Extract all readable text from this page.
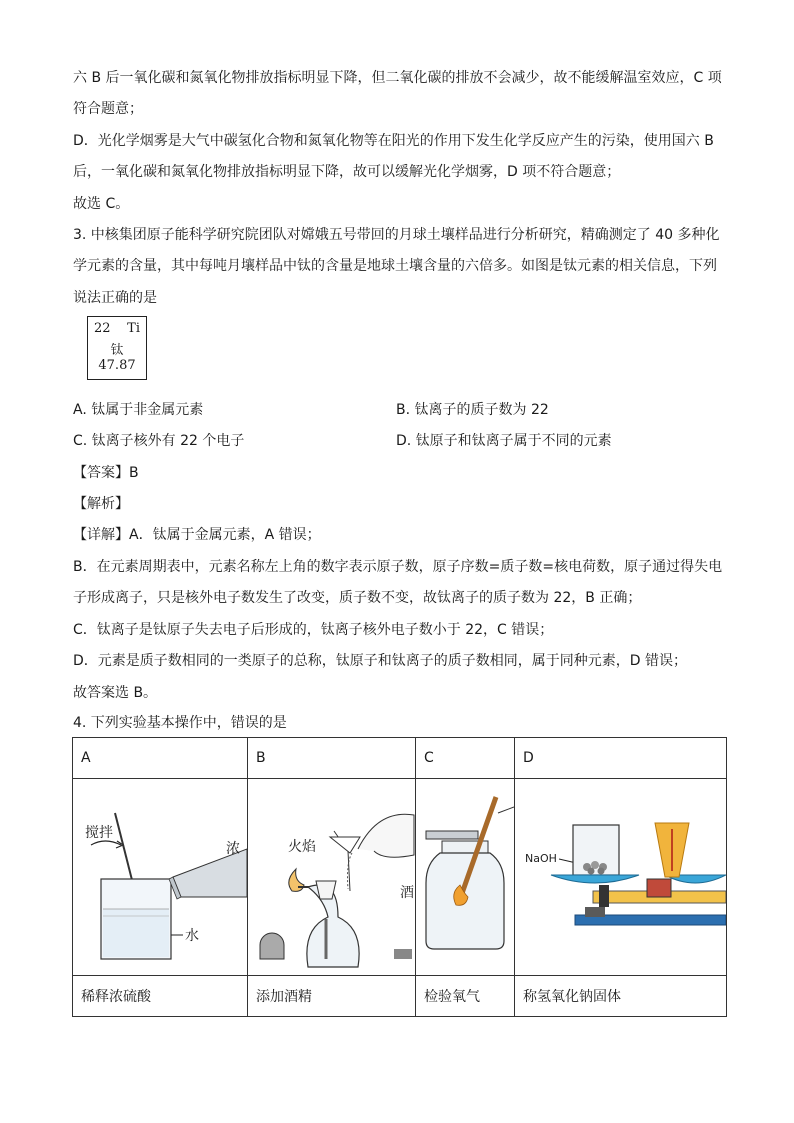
六 B 后一氧化碳和氮氧化物排放指标明显下降，但二氧化碳的排放不会减少，故不能缓解温室效应，C 项
符合题意；
D．光化学烟雾是大气中碳氢化合物和氮氧化物等在阳光的作用下发生化学反应产生的污染，使用国六 B
后，一氧化碳和氮氧化物排放指标明显下降，故可以缓解光化学烟雾，D 项不符合题意；
故选 C。
3. 中核集团原子能科学研究院团队对嫦娥五号带回的月球土壤样品进行分析研究，精确测定了 40 多种化
学元素的含量，其中每吨月壤样品中钛的含量是地球土壤含量的六倍多。如图是钛元素的相关信息，下列
说法正确的是
22 Ti
钛
47.87
A. 钛属于非金属元素	B. 钛离子的质子数为 22
C. 钛离子核外有 22 个电子	D. 钛原子和钛离子属于不同的元素
【答案】B
【解析】
【详解】A．钛属于金属元素，A 错误；
B．在元素周期表中，元素名称左上角的数字表示原子数，原子序数=质子数=核电荷数，原子通过得失电
子形成离子，只是核外电子数发生了改变，质子数不变，故钛离子的质子数为 22，B 正确；
C．钛离子是钛原子失去电子后形成的，钛离子核外电子数小于 22，C 错误；
D．元素是质子数相同的一类原子的总称，钛原子和钛离子的质子数相同，属于同种元素，D 错误；
故答案选 B。
4. 下列实验基本操作中，错误的是
A	B	C	D

搅拌
水
浓	火焰
酒		NaOH

稀释浓硫酸	添加酒精	检验氧气	称氢氧化钠固体
